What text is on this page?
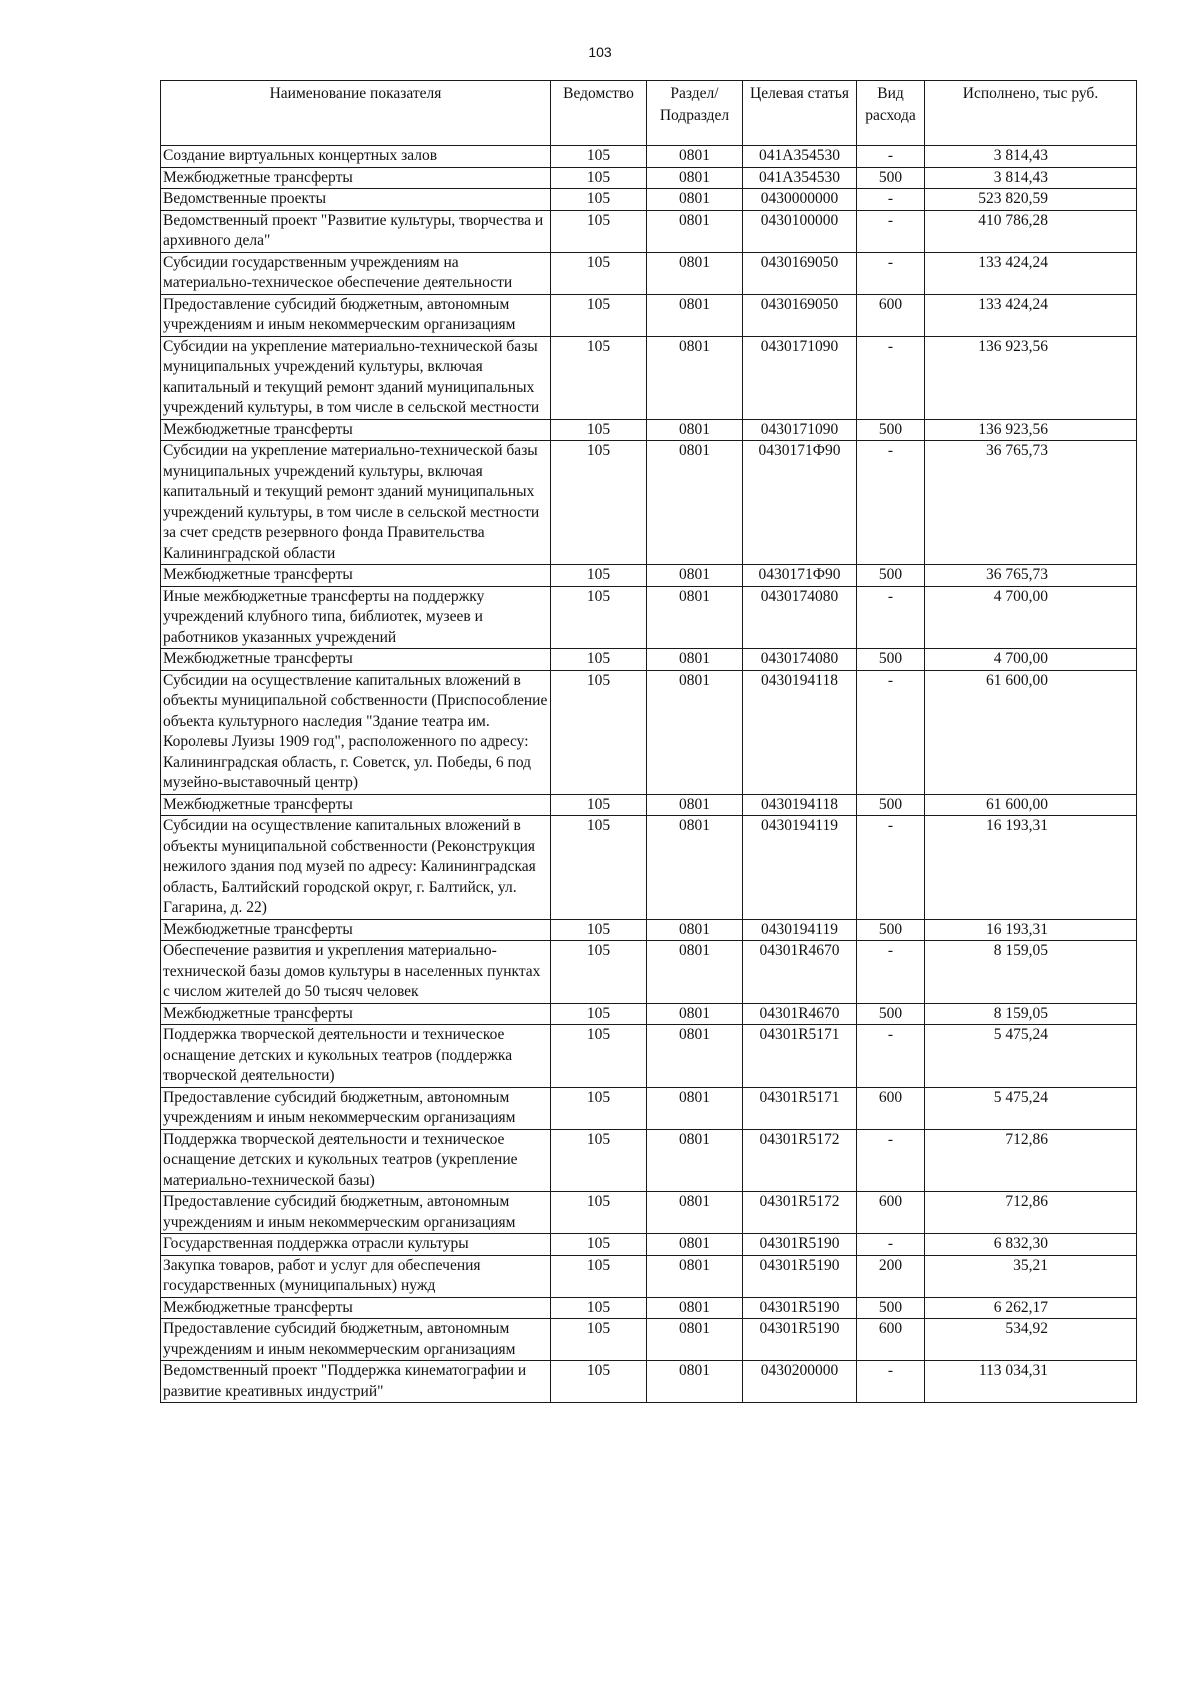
103
Наименование показателя	Ведомство	Раздел/ Подраздел	Целевая статья	Вид расхода	Исполнено, тыс руб.
Создание виртуальных концертных залов	105	0801	041A354530	-	3 814,43
Межбюджетные трансферты	105	0801	041A354530	500	3 814,43
Ведомственные проекты	105	0801	0430000000	-	523 820,59
Ведомственный проект "Развитие культуры, творчества и архивного дела"	105	0801	0430100000	-	410 786,28
Субсидии государственным учреждениям на материально-техническое обеспечение деятельности	105	0801	0430169050	-	133 424,24
Предоставление субсидий бюджетным, автономным учреждениям и иным некоммерческим организациям	105	0801	0430169050	600	133 424,24
Субсидии на укрепление материально-технической базы муниципальных учреждений культуры, включая капитальный и текущий ремонт зданий муниципальных учреждений культуры, в том числе в сельской местности	105	0801	0430171090	-	136 923,56
Межбюджетные трансферты	105	0801	0430171090	500	136 923,56
Субсидии на укрепление материально-технической базы муниципальных учреждений культуры, включая капитальный и текущий ремонт зданий муниципальных учреждений культуры, в том числе в сельской местности за счет средств резервного фонда Правительства Калининградской области	105	0801	0430171Ф90	-	36 765,73
Межбюджетные трансферты	105	0801	0430171Ф90	500	36 765,73
Иные межбюджетные трансферты на поддержку учреждений клубного типа, библиотек, музеев и работников указанных учреждений	105	0801	0430174080	-	4 700,00
Межбюджетные трансферты	105	0801	0430174080	500	4 700,00
Субсидии на осуществление капитальных вложений в объекты муниципальной собственности (Приспособление объекта культурного наследия "Здание театра им. Королевы Луизы 1909 год", расположенного по адресу: Калининградская область, г. Советск, ул. Победы, 6 под музейно-выставочный центр)	105	0801	0430194118	-	61 600,00
Межбюджетные трансферты	105	0801	0430194118	500	61 600,00
Субсидии на осуществление капитальных вложений в объекты муниципальной собственности (Реконструкция нежилого здания под музей по адресу: Калининградская область, Балтийский городской округ, г. Балтийск, ул. Гагарина, д. 22)	105	0801	0430194119	-	16 193,31
Межбюджетные трансферты	105	0801	0430194119	500	16 193,31
Обеспечение развития и укрепления материально-технической базы домов культуры в населенных пунктах с числом жителей до 50 тысяч человек	105	0801	04301R4670	-	8 159,05
Межбюджетные трансферты	105	0801	04301R4670	500	8 159,05
Поддержка творческой деятельности и техническое оснащение детских и кукольных театров (поддержка творческой деятельности)	105	0801	04301R5171	-	5 475,24
Предоставление субсидий бюджетным, автономным учреждениям и иным некоммерческим организациям	105	0801	04301R5171	600	5 475,24
Поддержка творческой деятельности и техническое оснащение детских и кукольных театров (укрепление материально-технической базы)	105	0801	04301R5172	-	712,86
Предоставление субсидий бюджетным, автономным учреждениям и иным некоммерческим организациям	105	0801	04301R5172	600	712,86
Государственная поддержка отрасли культуры	105	0801	04301R5190	-	6 832,30
Закупка товаров, работ и услуг для обеспечения государственных (муниципальных) нужд	105	0801	04301R5190	200	35,21
Межбюджетные трансферты	105	0801	04301R5190	500	6 262,17
Предоставление субсидий бюджетным, автономным учреждениям и иным некоммерческим организациям	105	0801	04301R5190	600	534,92
Ведомственный проект "Поддержка кинематографии и развитие креативных индустрий"	105	0801	0430200000	-	113 034,31
